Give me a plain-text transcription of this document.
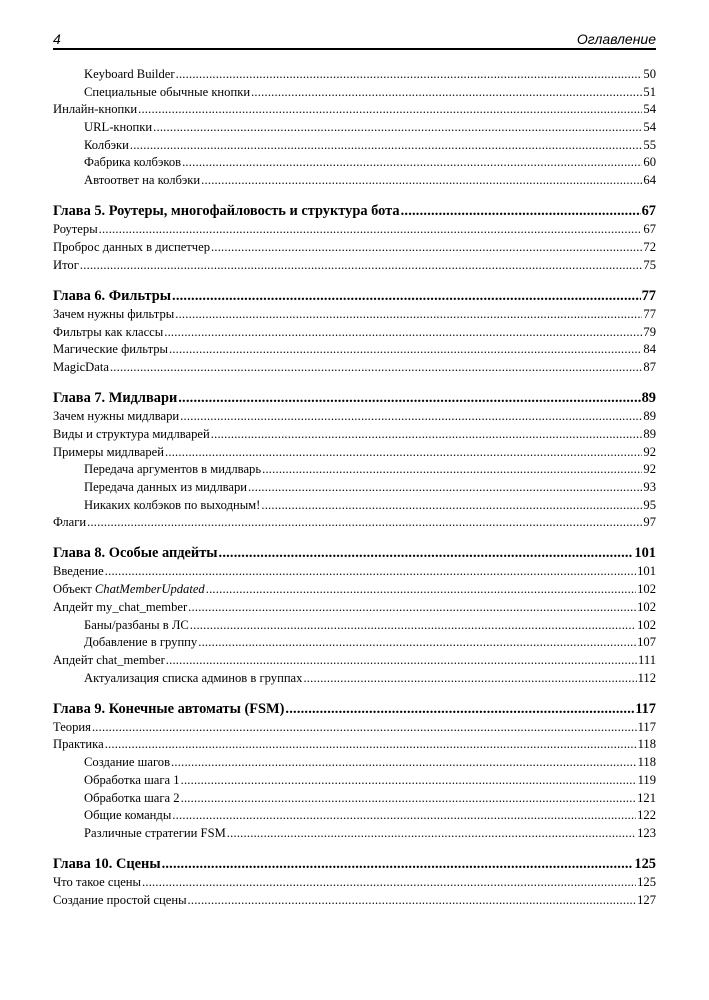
4	Оглавление
Keyboard Builder .....	50
Специальные обычные кнопки .....	51
Инлайн-кнопки .....	54
URL-кнопки .....	54
Колбэки .....	55
Фабрика колбэков .....	60
Автоответ на колбэки .....	64
Глава 5. Роутеры, многофайловость и структура бота .....	67
Роутеры .....	67
Проброс данных в диспетчер .....	72
Итог .....	75
Глава 6. Фильтры .....	77
Зачем нужны фильтры .....	77
Фильтры как классы .....	79
Магические фильтры .....	84
MagicData .....	87
Глава 7. Мидлвари .....	89
Зачем нужны мидлвари .....	89
Виды и структура мидлварей .....	89
Примеры мидлварей .....	92
Передача аргументов в мидлварь .....	92
Передача данных из мидлвари .....	93
Никаких колбэков по выходным! .....	95
Флаги .....	97
Глава 8. Особые апдейты .....	101
Введение .....	101
Объект ChatMemberUpdated .....	102
Апдейт my_chat_member .....	102
Баны/разбаны в ЛС .....	102
Добавление в группу .....	107
Апдейт chat_member .....	111
Актуализация списка админов в группах .....	112
Глава 9. Конечные автоматы (FSM) .....	117
Теория .....	117
Практика .....	118
Создание шагов .....	118
Обработка шага 1 .....	119
Обработка шага 2 .....	121
Общие команды .....	122
Различные стратегии FSM .....	123
Глава 10. Сцены .....	125
Что такое сцены .....	125
Создание простой сцены .....	127
